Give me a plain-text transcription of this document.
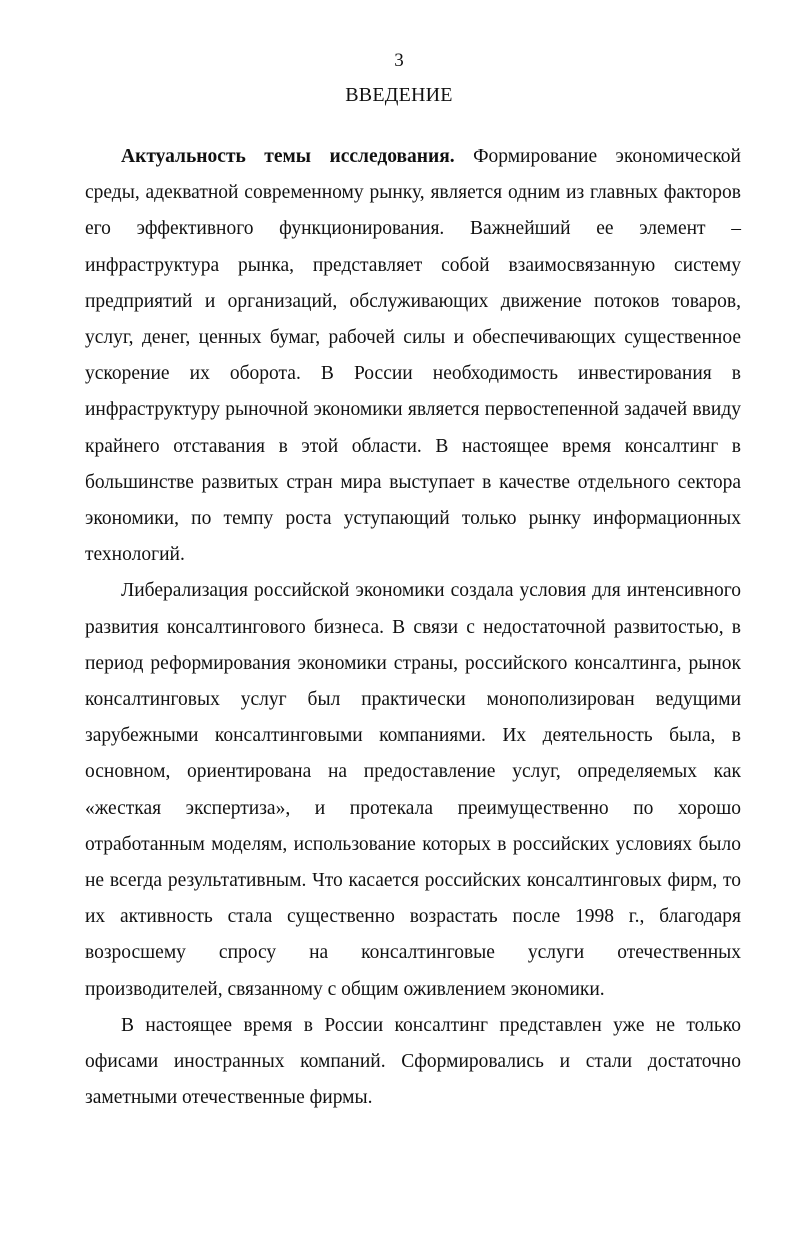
3
ВВЕДЕНИЕ

Актуальность темы исследования. Формирование экономической среды, адекватной современному рынку, является одним из главных факторов его эффективного функционирования. Важнейший ее элемент – инфраструктура рынка, представляет собой взаимосвязанную систему предприятий и организаций, обслуживающих движение потоков товаров, услуг, денег, ценных бумаг, рабочей силы и обеспечивающих существенное ускорение их оборота. В России необходимость инвестирования в инфраструктуру рыночной экономики является первостепенной задачей ввиду крайнего отставания в этой области. В настоящее время консалтинг в большинстве развитых стран мира выступает в качестве отдельного сектора экономики, по темпу роста уступающий только рынку информационных технологий.

Либерализация российской экономики создала условия для интенсивного развития консалтингового бизнеса. В связи с недостаточной развитостью, в период реформирования экономики страны, российского консалтинга, рынок консалтинговых услуг был практически монополизирован ведущими зарубежными консалтинговыми компаниями. Их деятельность была, в основном, ориентирована на предоставление услуг, определяемых как «жесткая экспертиза», и протекала преимущественно по хорошо отработанным моделям, использование которых в российских условиях было не всегда результативным. Что касается российских консалтинговых фирм, то их активность стала существенно возрастать после 1998 г., благодаря возросшему спросу на консалтинговые услуги отечественных производителей, связанному с общим оживлением экономики.

В настоящее время в России консалтинг представлен уже не только офисами иностранных компаний. Сформировались и стали достаточно заметными отечественные фирмы.
